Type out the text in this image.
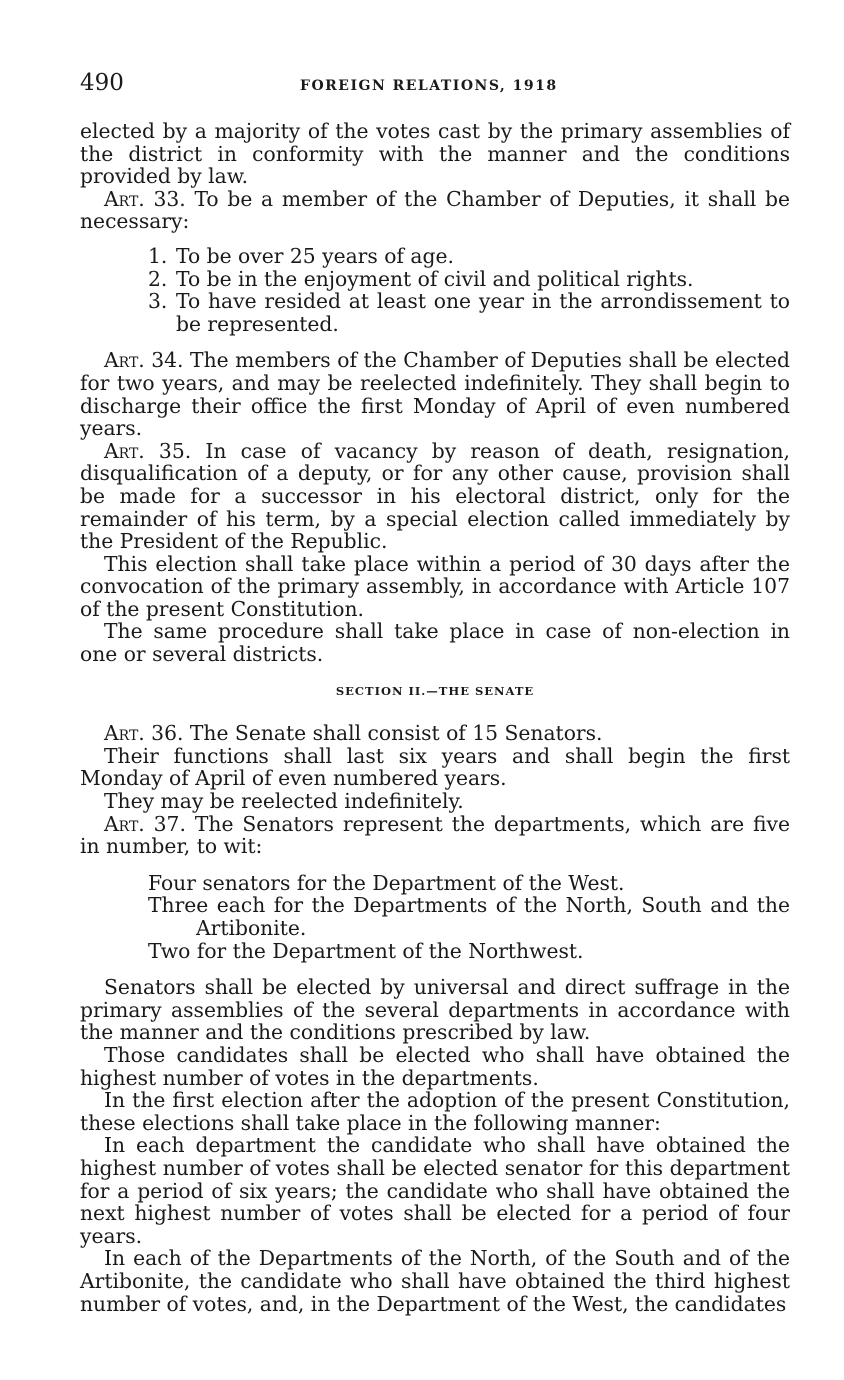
490	FOREIGN RELATIONS, 1918

elected by a majority of the votes cast by the primary assemblies of the district in conformity with the manner and the conditions provided by law.

Art. 33. To be a member of the Chamber of Deputies, it shall be necessary:

1. To be over 25 years of age.
2. To be in the enjoyment of civil and political rights.
3. To have resided at least one year in the arrondissement to be represented.

Art. 34. The members of the Chamber of Deputies shall be elected for two years, and may be reelected indefinitely. They shall begin to discharge their office the first Monday of April of even numbered years.

Art. 35. In case of vacancy by reason of death, resignation, disqualification of a deputy, or for any other cause, provision shall be made for a successor in his electoral district, only for the remainder of his term, by a special election called immediately by the President of the Republic.

This election shall take place within a period of 30 days after the convocation of the primary assembly, in accordance with Article 107 of the present Constitution.

The same procedure shall take place in case of non-election in one or several districts.

SECTION II.—THE SENATE

Art. 36. The Senate shall consist of 15 Senators.

Their functions shall last six years and shall begin the first Monday of April of even numbered years.

They may be reelected indefinitely.

Art. 37. The Senators represent the departments, which are five in number, to wit:

Four senators for the Department of the West.
Three each for the Departments of the North, South and the Artibonite.
Two for the Department of the Northwest.

Senators shall be elected by universal and direct suffrage in the primary assemblies of the several departments in accordance with the manner and the conditions prescribed by law.

Those candidates shall be elected who shall have obtained the highest number of votes in the departments.

In the first election after the adoption of the present Constitution, these elections shall take place in the following manner:

In each department the candidate who shall have obtained the highest number of votes shall be elected senator for this department for a period of six years; the candidate who shall have obtained the next highest number of votes shall be elected for a period of four years.

In each of the Departments of the North, of the South and of the Artibonite, the candidate who shall have obtained the third highest number of votes, and, in the Department of the West, the candidates
